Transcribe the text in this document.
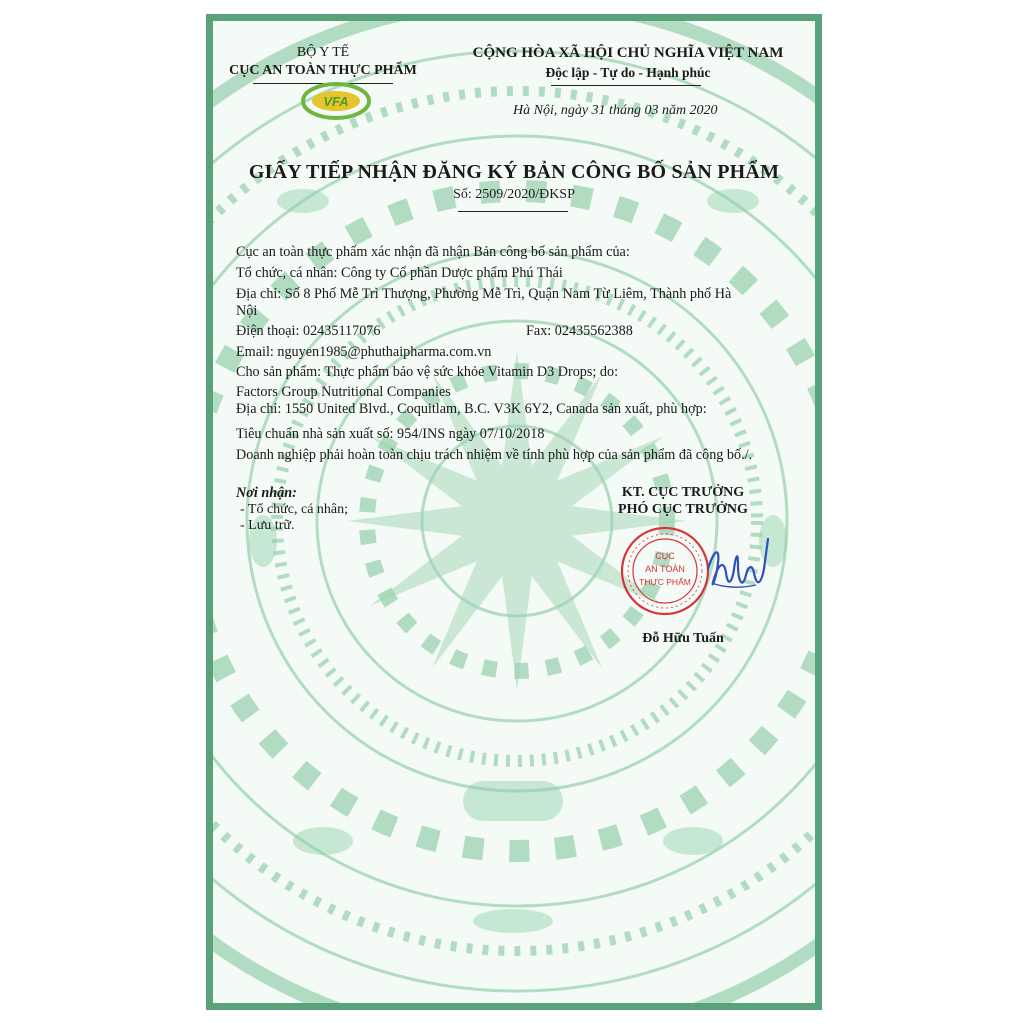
BỘ Y TẾ
CỤC AN TOÀN THỰC PHẨM
VFA
CỘNG HÒA XÃ HỘI CHỦ NGHĨA VIỆT NAM
Độc lập - Tự do - Hạnh phúc
Hà Nội, ngày 31 tháng 03 năm 2020
GIẤY TIẾP NHẬN ĐĂNG KÝ BẢN CÔNG BỐ SẢN PHẨM
Số: 2509/2020/ĐKSP
Cục an toàn thực phẩm xác nhận đã nhận Bản công bố sản phẩm của:
Tổ chức, cá nhân: Công ty Cổ phần Dược phẩm Phú Thái
Địa chỉ: Số 8 Phố Mễ Trì Thượng, Phường Mễ Trì, Quận Nam Từ Liêm, Thành phố Hà
Nội
Điện thoại: 02435117076	Fax: 02435562388
Email: nguyen1985@phuthaipharma.com.vn
Cho sản phẩm: Thực phẩm bảo vệ sức khỏe Vitamin D3 Drops; do:
Factors Group Nutritional Companies
Địa chỉ: 1550 United Blvd., Coquitlam, B.C. V3K 6Y2, Canada sản xuất, phù hợp:
Tiêu chuẩn nhà sản xuất số: 954/INS ngày 07/10/2018
Doanh nghiệp phải hoàn toàn chịu trách nhiệm về tính phù hợp của sản phẩm đã công bố./.
Nơi nhận:
- Tổ chức, cá nhân;
- Lưu trữ.
KT. CỤC TRƯỞNG
PHÓ CỤC TRƯỞNG
CỤC
AN TOÀN
THỰC PHẨM
Đỗ Hữu Tuấn
